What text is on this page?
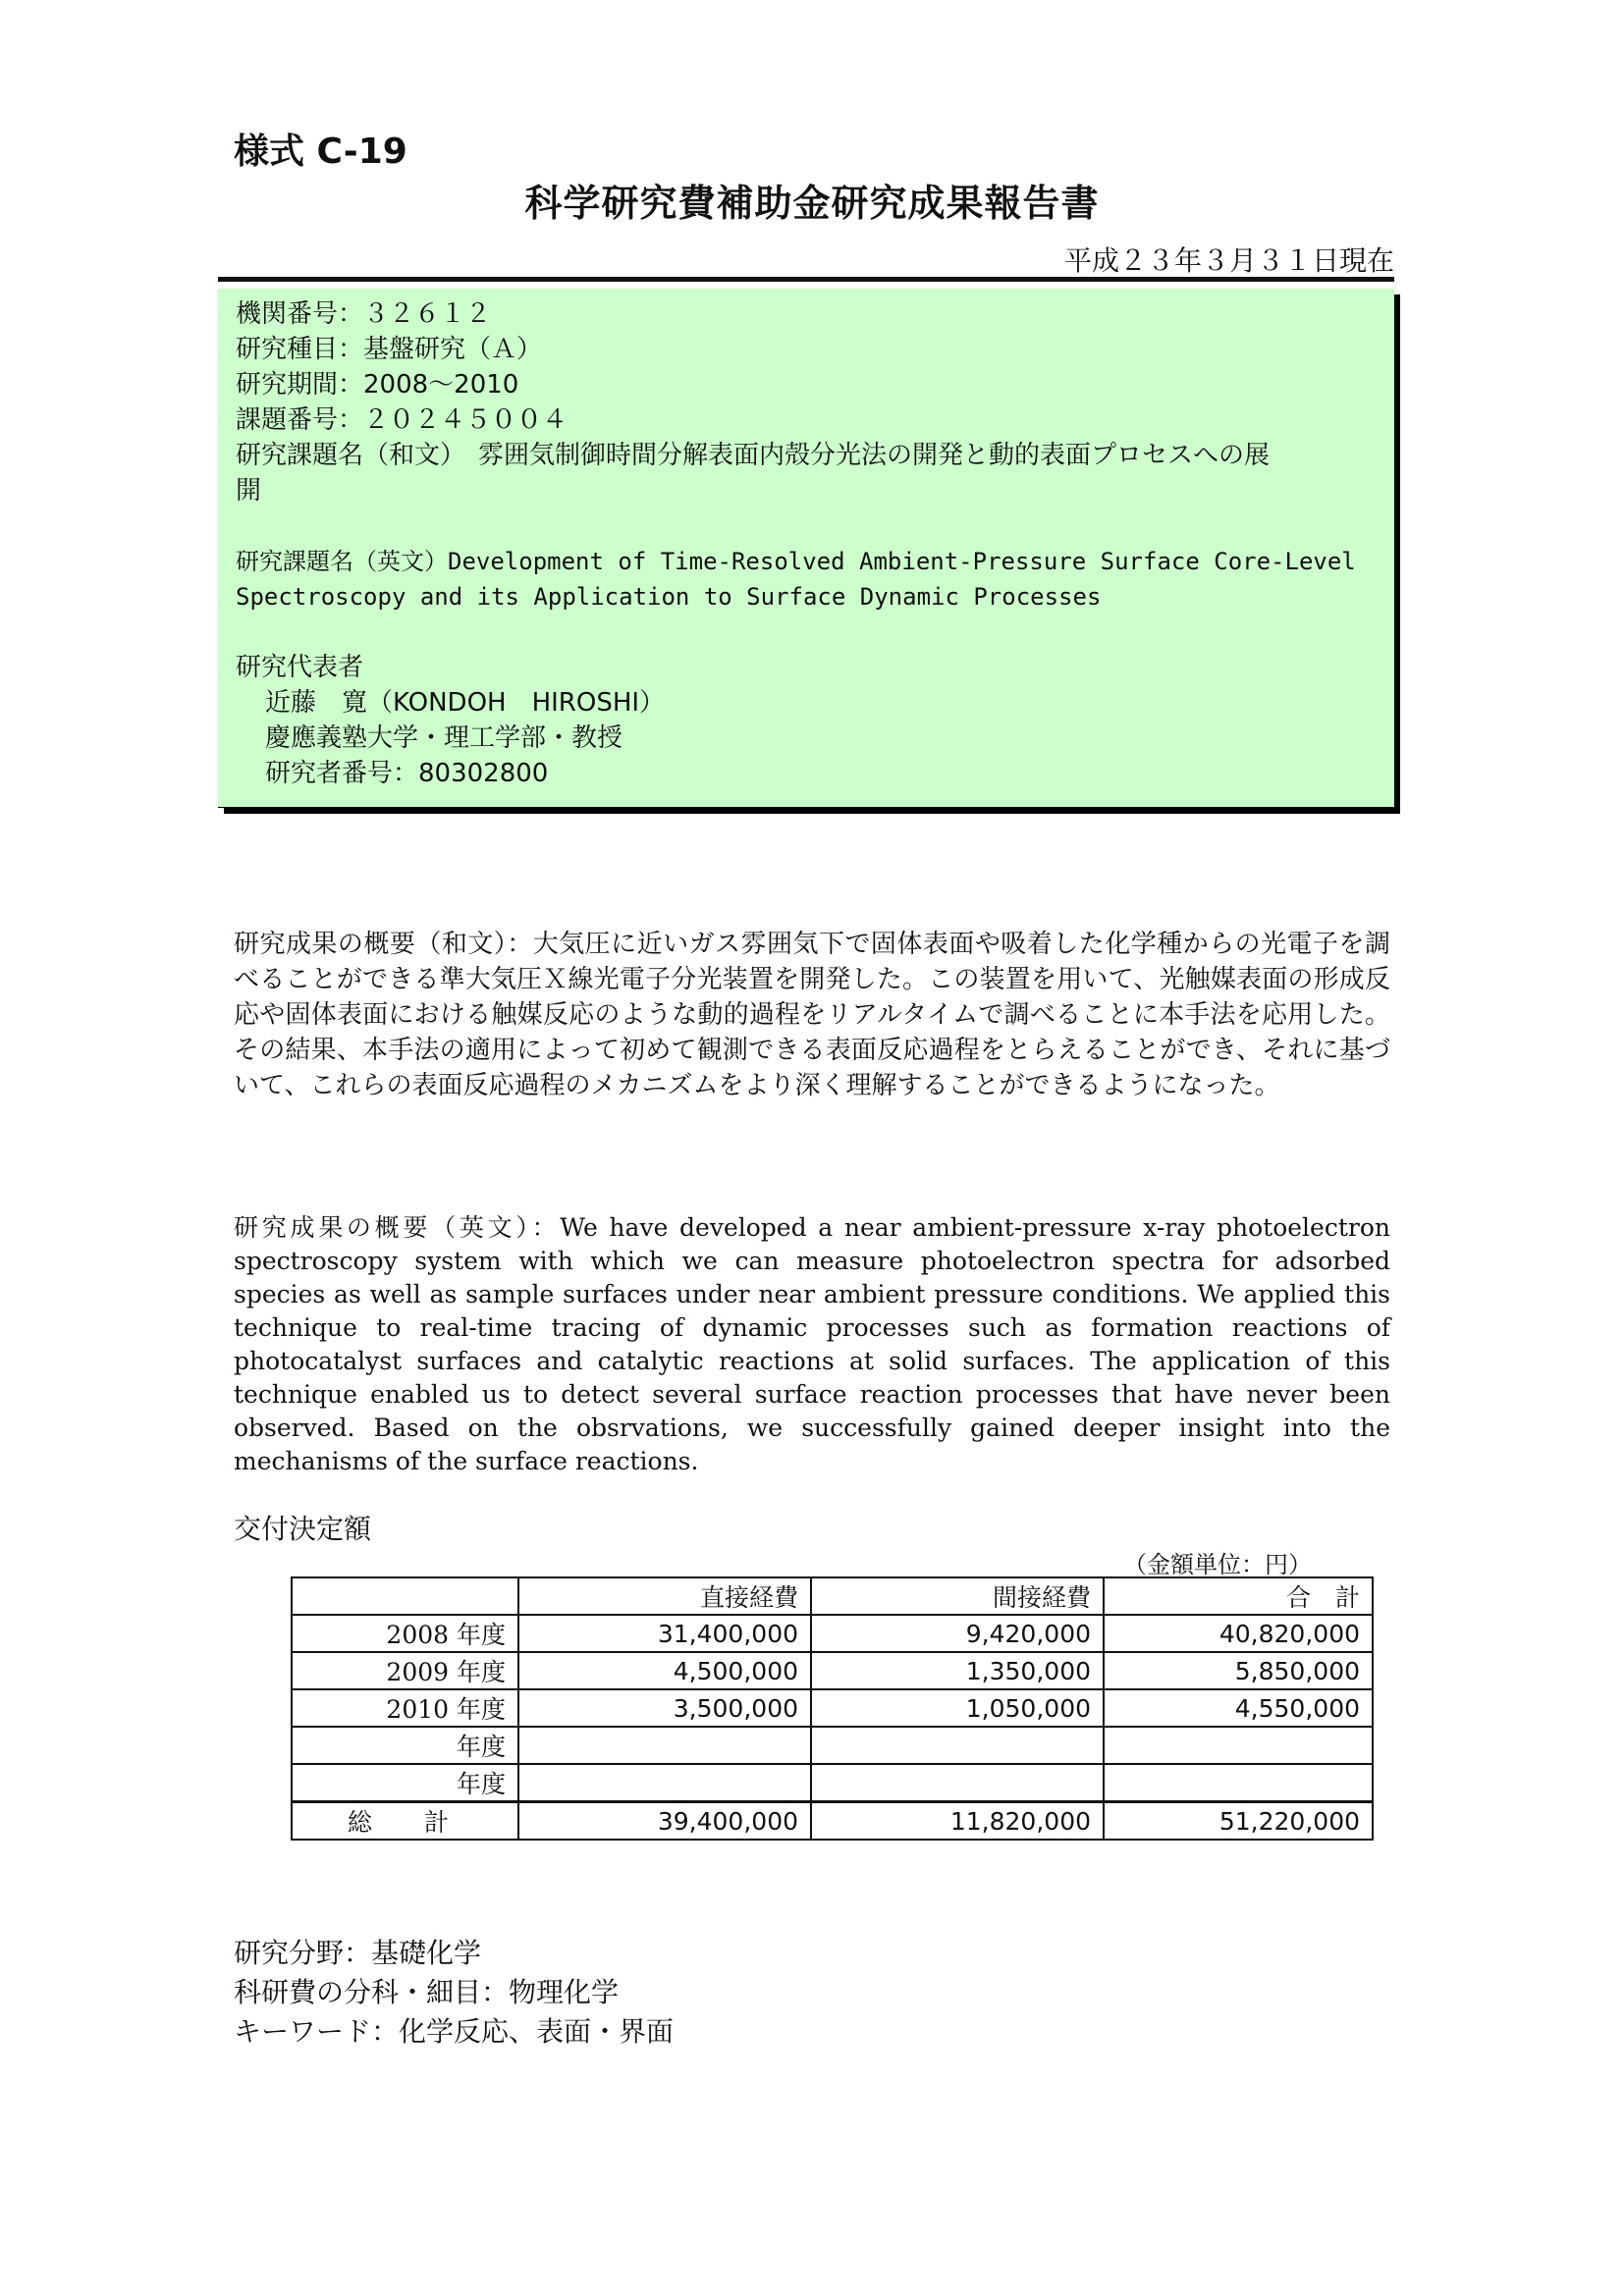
様式 C-19
科学研究費補助金研究成果報告書
平成２３年３月３１日現在
機関番号：３２６１２
研究種目：基盤研究（Ａ）
研究期間：2008～2010
課題番号：２０２４５００４
研究課題名（和文）　雰囲気制御時間分解表面内殻分光法の開発と動的表面プロセスへの展
開
研究課題名（英文）Development of Time-Resolved Ambient-Pressure Surface Core-Level
Spectroscopy and its Application to Surface Dynamic Processes
研究代表者
近藤　寛（KONDOH　HIROSHI）
慶應義塾大学・理工学部・教授
研究者番号：80302800
研究成果の概要（和文）：大気圧に近いガス雰囲気下で固体表面や吸着した化学種からの光電子を調べることができる準大気圧Ｘ線光電子分光装置を開発した。この装置を用いて、光触媒表面の形成反応や固体表面における触媒反応のような動的過程をリアルタイムで調べることに本手法を応用した。その結果、本手法の適用によって初めて観測できる表面反応過程をとらえることができ、それに基づいて、これらの表面反応過程のメカニズムをより深く理解することができるようになった。
研究成果の概要（英文）：We have developed a near ambient-pressure x-ray photoelectron spectroscopy system with which we can measure photoelectron spectra for adsorbed species as well as sample surfaces under near ambient pressure conditions. We applied this technique to real-time tracing of dynamic processes such as formation reactions of photocatalyst surfaces and catalytic reactions at solid surfaces. The application of this technique enabled us to detect several surface reaction processes that have never been observed. Based on the obsrvations, we successfully gained deeper insight into the mechanisms of the surface reactions.
交付決定額
（金額単位：円）
	直接経費	間接経費	合　計
2008 年度	31,400,000	9,420,000	40,820,000
2009 年度	4,500,000	1,350,000	5,850,000
2010 年度	3,500,000	1,050,000	4,550,000
年度			
年度			
総　計	39,400,000	11,820,000	51,220,000
研究分野：基礎化学
科研費の分科・細目：物理化学
キーワード：化学反応、表面・界面
